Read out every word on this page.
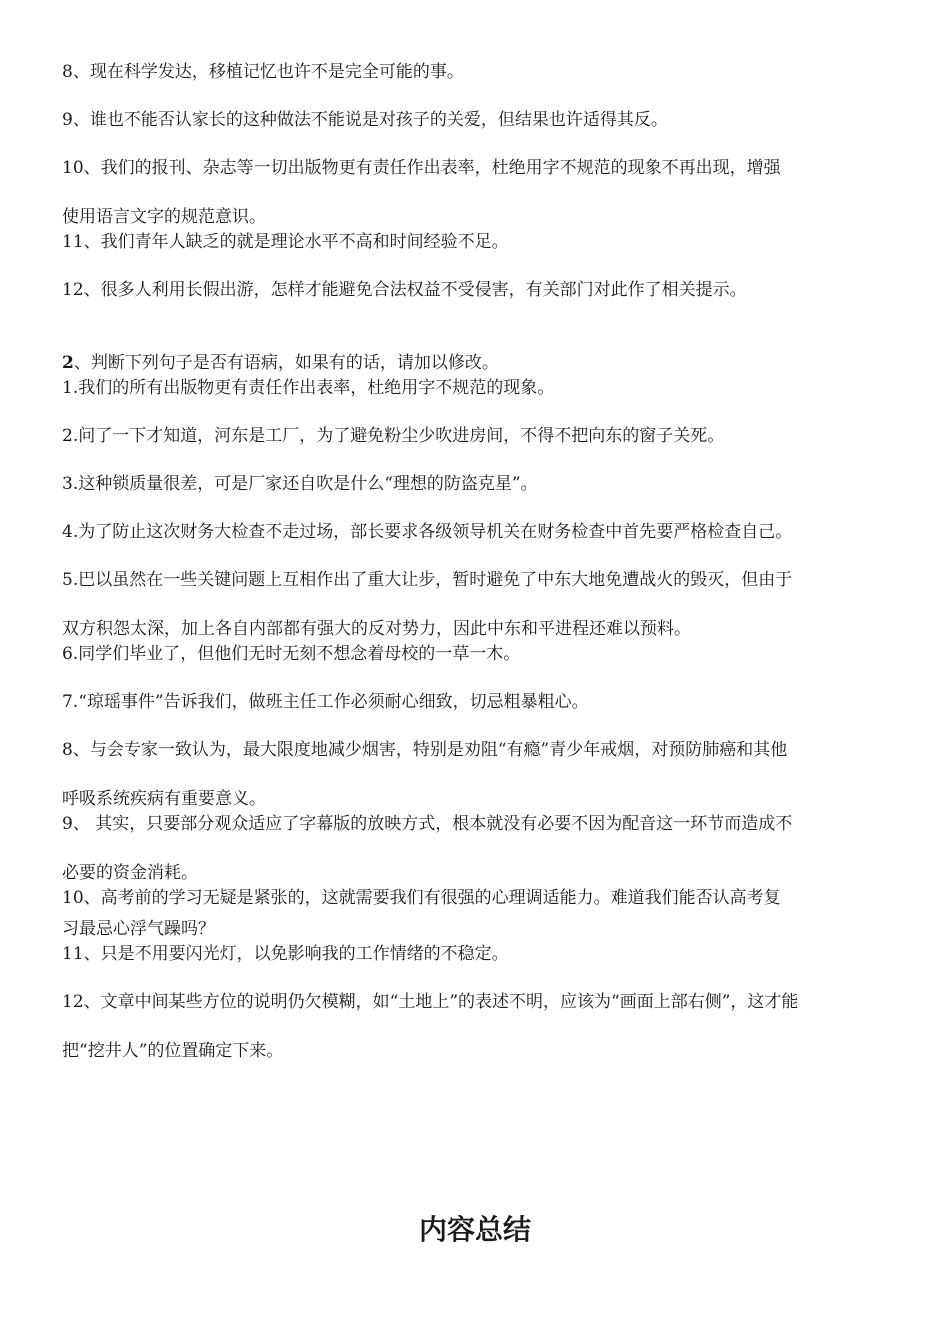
8、现在科学发达，移植记忆也许不是完全可能的事。

9、谁也不能否认家长的这种做法不能说是对孩子的关爱，但结果也许适得其反。

10、我们的报刊、杂志等一切出版物更有责任作出表率，杜绝用字不规范的现象不再出现，增强

使用语言文字的规范意识。

11、我们青年人缺乏的就是理论水平不高和时间经验不足。

12、很多人利用长假出游，怎样才能避免合法权益不受侵害，有关部门对此作了相关提示。

2、判断下列句子是否有语病，如果有的话，请加以修改。

1.我们的所有出版物更有责任作出表率，杜绝用字不规范的现象。

2.问了一下才知道，河东是工厂，为了避免粉尘少吹进房间，不得不把向东的窗子关死。

3.这种锁质量很差，可是厂家还自吹是什么“理想的防盗克星”。

4.为了防止这次财务大检查不走过场，部长要求各级领导机关在财务检查中首先要严格检查自己。

5.巴以虽然在一些关键问题上互相作出了重大让步，暂时避免了中东大地免遭战火的毁灭，但由于

双方积怨太深，加上各自内部都有强大的反对势力，因此中东和平进程还难以预料。

6.同学们毕业了，但他们无时无刻不想念着母校的一草一木。

7.“琼瑶事件”告诉我们，做班主任工作必须耐心细致，切忌粗暴粗心。

8、与会专家一致认为，最大限度地减少烟害，特别是劝阻“有瘾”青少年戒烟，对预防肺癌和其他

呼吸系统疾病有重要意义。

9、 其实，只要部分观众适应了字幕版的放映方式，根本就没有必要不因为配音这一环节而造成不

必要的资金消耗。

10、高考前的学习无疑是紧张的，这就需要我们有很强的心理调适能力。难道我们能否认高考复

习最忌心浮气躁吗？

11、只是不用要闪光灯，以免影响我的工作情绪的不稳定。

12、文章中间某些方位的说明仍欠模糊，如“土地上”的表述不明，应该为“画面上部右侧”，这才能

把“挖井人”的位置确定下来。

内容总结
